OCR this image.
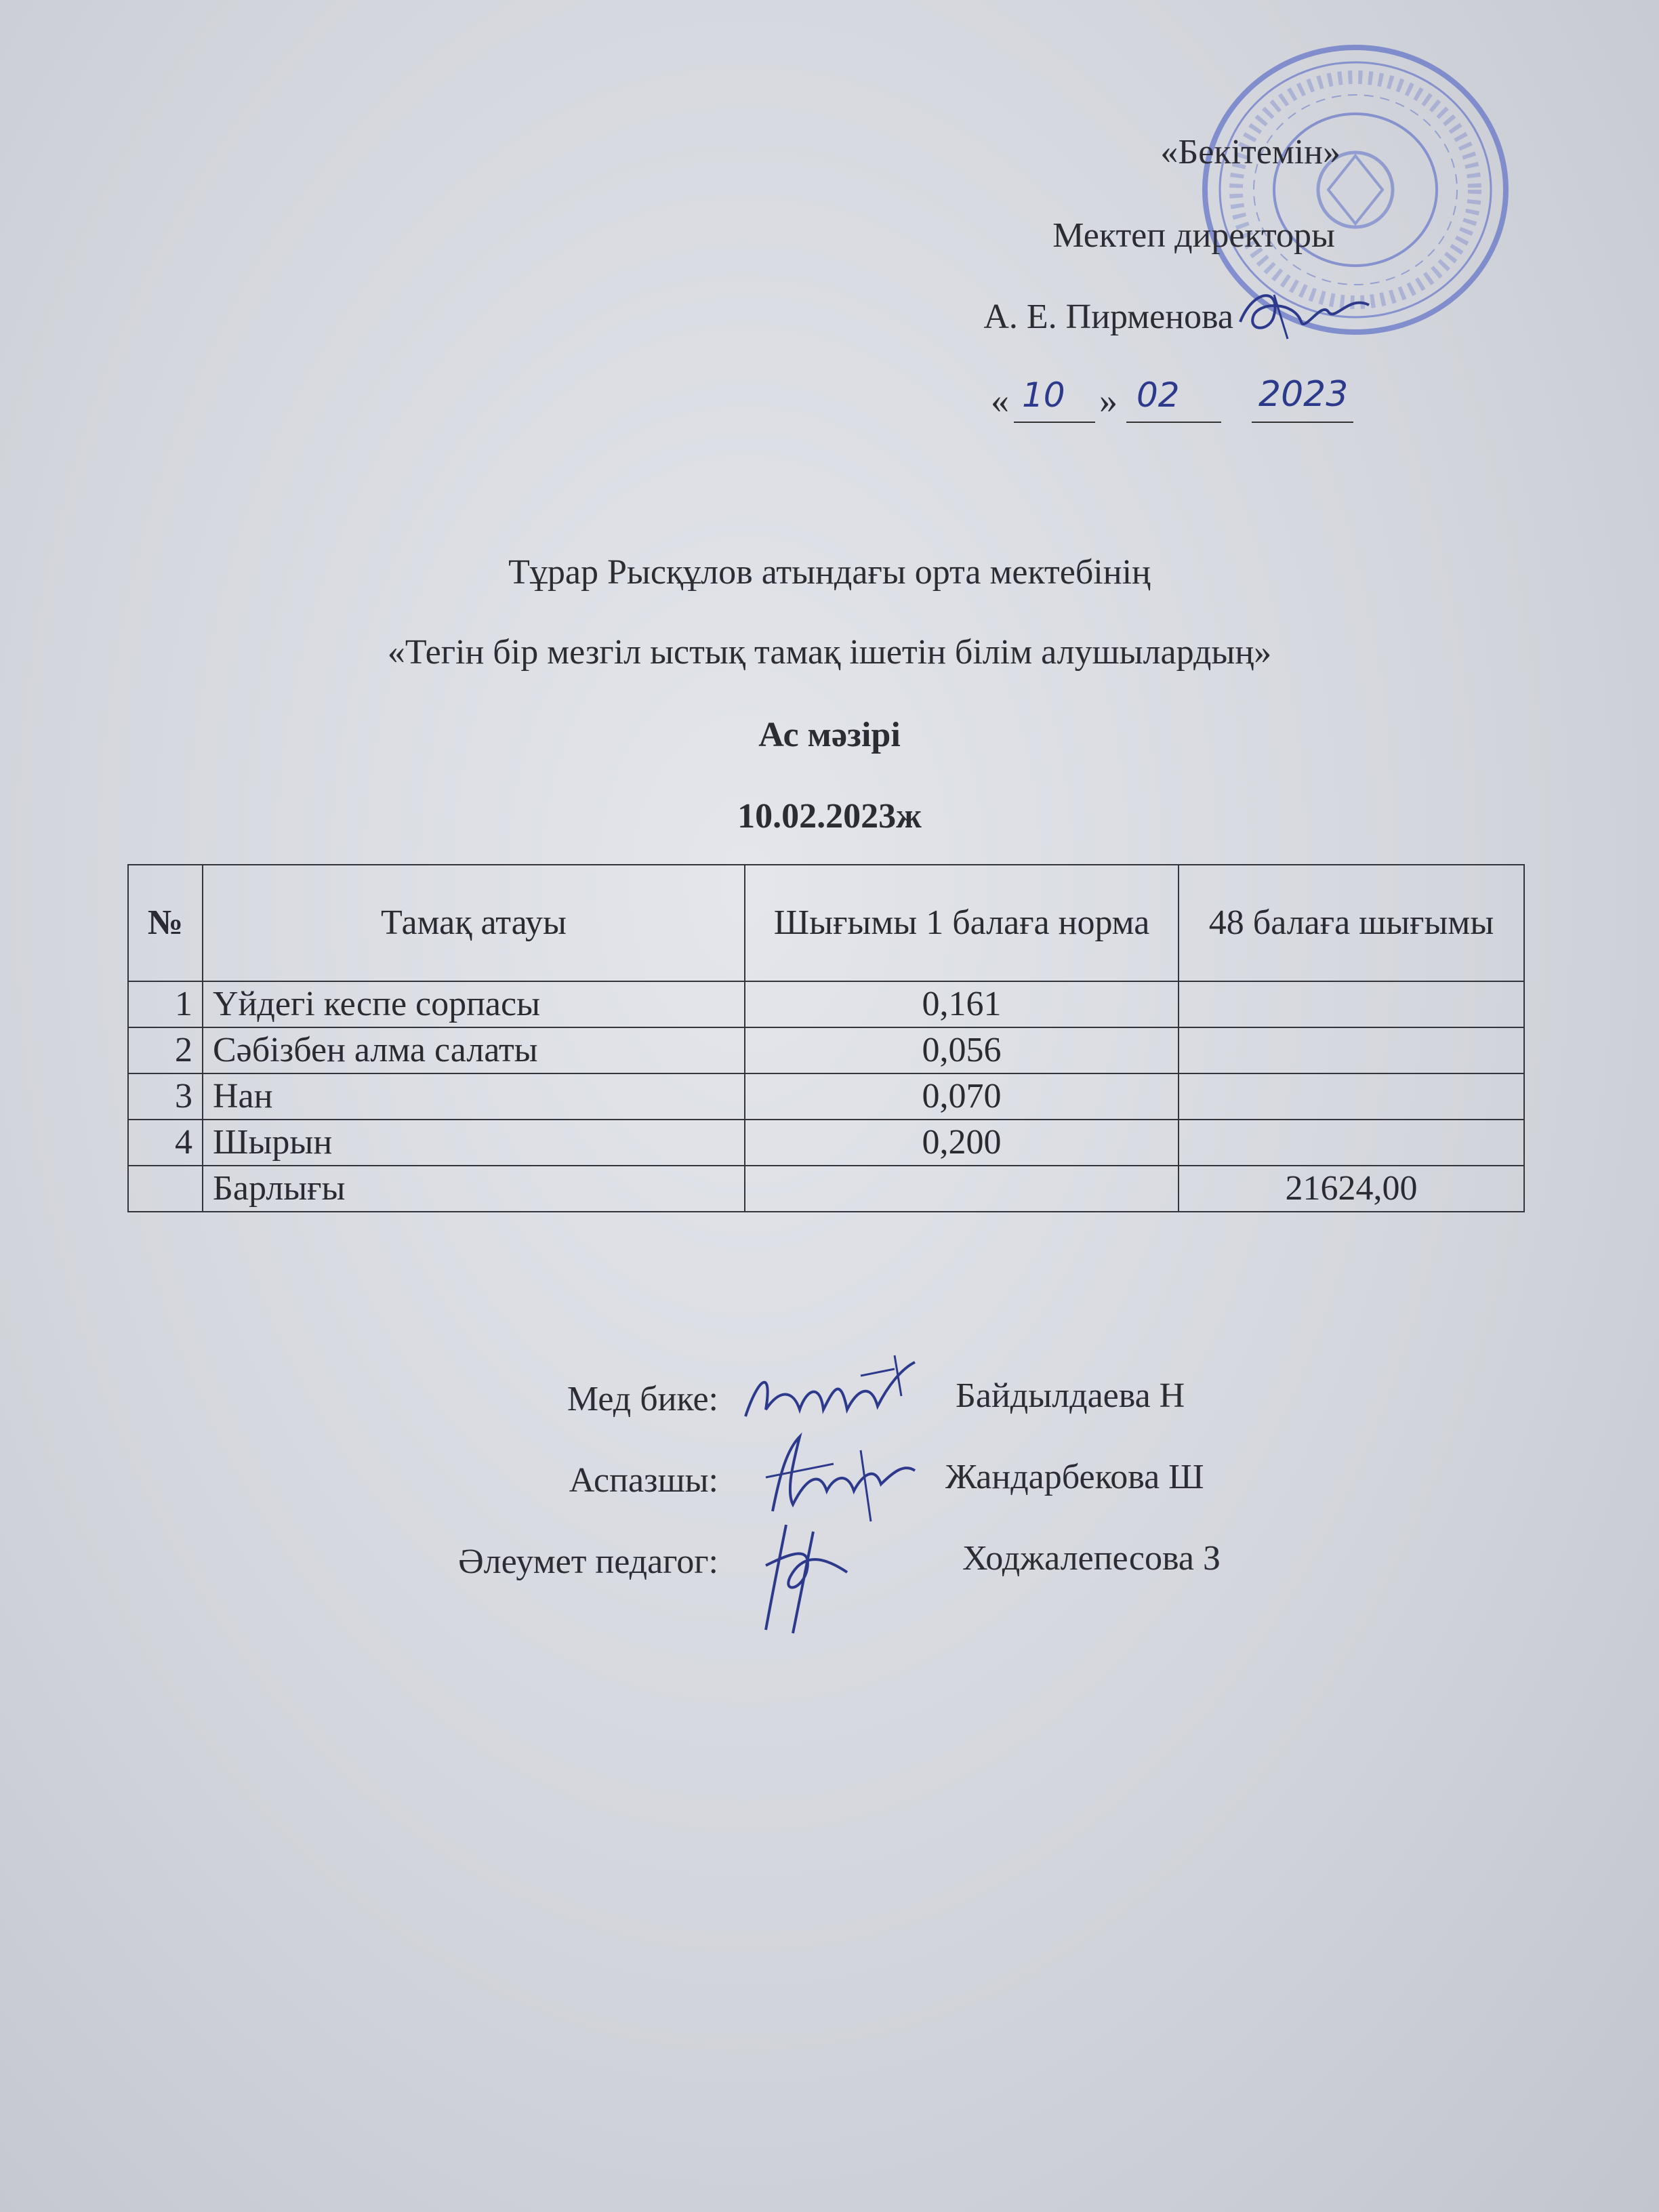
«Бекітемін»
Мектеп директоры
А. Е. Пирменова
« 10 » 02 2023
Тұрар Рысқұлов атындағы орта мектебінің
«Тегін бір мезгіл ыстық тамақ ішетін білім алушылардың»
Ас мәзірі
10.02.2023ж
№	Тамақ атауы	Шығымы 1 балаға норма	48 балаға шығымы
1	Үйдегі кеспе сорпасы	0,161	
2	Сәбізбен алма салаты	0,056	
3	Нан	0,070	
4	Шырын	0,200	
	Барлығы		21624,00
Мед бике:	Байдылдаева Н
Аспазшы:	Жандарбекова Ш
Әлеумет педагог:	Ходжалепесова З
